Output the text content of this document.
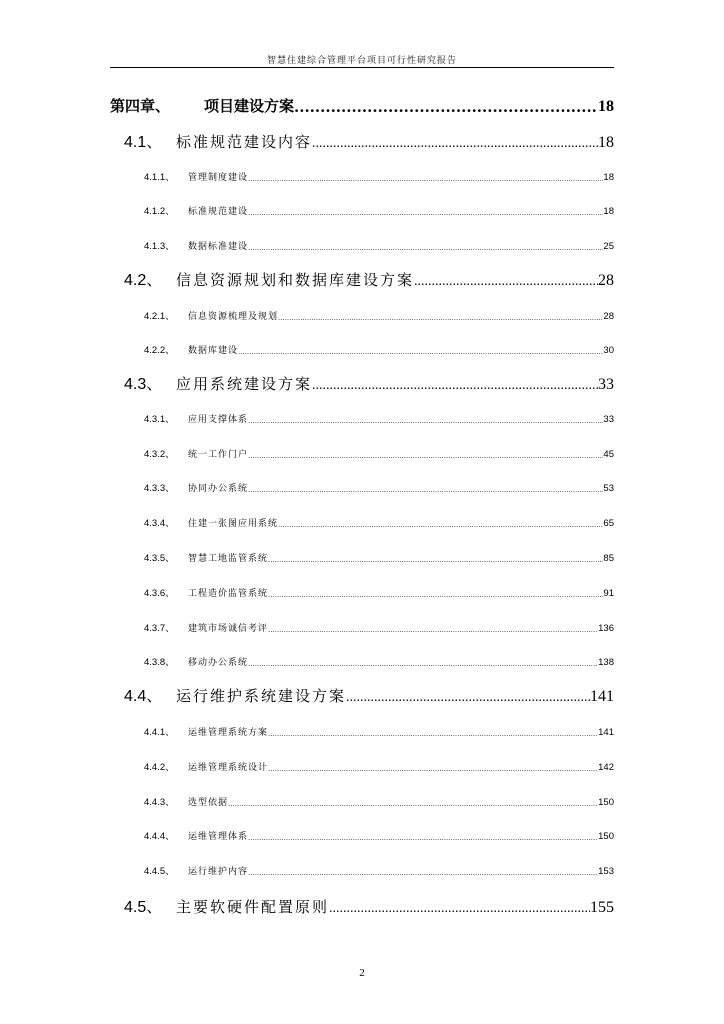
智慧住建综合管理平台项目可行性研究报告
第四章、	项目建设方案 .....	18
4.1、 标准规范建设内容 .....	18
4.1.1、	管理制度建设 .....	18
4.1.2、	标准规范建设 .....	18
4.1.3、	数据标准建设 .....	25
4.2、 信息资源规划和数据库建设方案 .....	28
4.2.1、	信息资源梳理及规划 .....	28
4.2.2、	数据库建设 .....	30
4.3、 应用系统建设方案 .....	33
4.3.1、	应用支撑体系 .....	33
4.3.2、	统一工作门户 .....	45
4.3.3、	协同办公系统 .....	53
4.3.4、	住建一张图应用系统 .....	65
4.3.5、	智慧工地监管系统 .....	85
4.3.6、	工程造价监管系统 .....	91
4.3.7、	建筑市场诚信考评 .....	136
4.3.8、	移动办公系统 .....	138
4.4、 运行维护系统建设方案 .....	141
4.4.1、	运维管理系统方案 .....	141
4.4.2、	运维管理系统设计 .....	142
4.4.3、	选型依据 .....	150
4.4.4、	运维管理体系 .....	150
4.4.5、	运行维护内容 .....	153
4.5、 主要软硬件配置原则 .....	155
2
